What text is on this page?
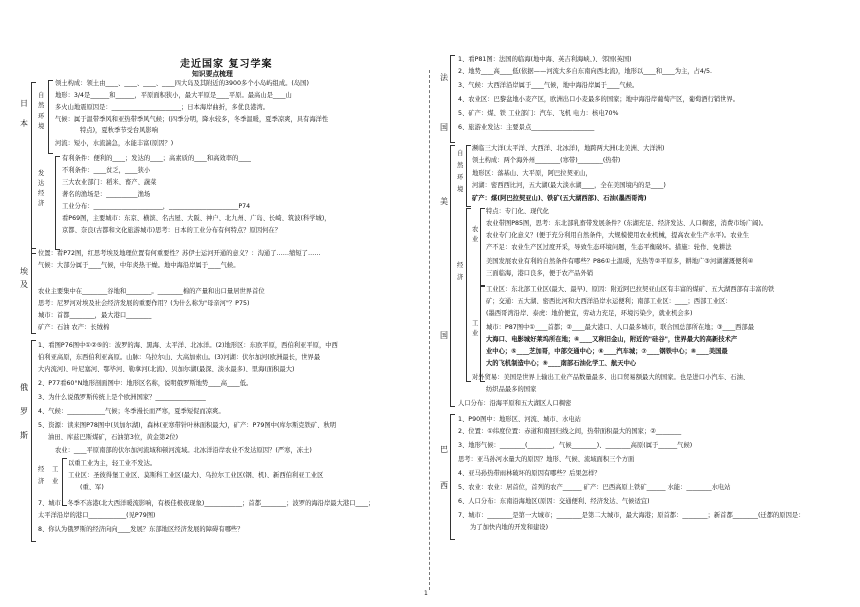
走近国家 复习学案
知识要点梳理
日
本
自
然
环
境
领土构成：领土由____、____、____、____四大岛及其附近的3900多个小岛屿组成。(岛国)
地形：3/4是______和______，平原面积狭小，最大平原是____平原。最高山是____山
多火山地震原因是：______________________；日本海岸曲折，多优良港湾。
气候：属于温带季风和亚热带季风气候；(四季分明，降水较多，冬季温暖，夏季凉爽，具有海洋性
特点)，夏秋季节受台风影响
河流：短小，水流湍急，水能丰富(原因？)
发
达
经
济
有利条件：便利的____；发达的____；高素质的____和高效率的____
不利条件：____贫乏，____狭小
三大农业部门：稻米、畜产、蔬菜
著名的渔场是：__________渔场
工业分布：______________________，______________________P74
看P69图，主要城市：东京、横滨、名古屋、大阪、神户、北九州、广岛、长崎、筑波(科学城)，
京都、奈良(古都和文化旅游城市)思考：日本的工业分布有何特点？原因何在？
埃
及
位置：看P72图，红思考埃及地理位置有何重要性？苏伊士运河开通的意义？：沟通了……缩短了……
气候：大部分属于____气候，中年炎热干燥。地中海沿岸属于____气候。
农业主要集中在________谷地和________。________棉的产量和出口量居世界首位
思考：尼罗河对埃及社会经济发展的重要作用？(为什么称为"母亲河"？P75)
城市：首都________，最大港口________
矿产：石油 农产：长绒棉
俄
罗
斯
1、看图P76图中①②⑤的：波罗的海、黑海、太平洋、北冰洋。(2)地形区：东欧平原，西伯利亚平原，中西
伯利亚高原，东西伯利亚高原。山脉：乌拉尔山、大高加索山。(3)河湖：伏尔加河(欧洲最长，世界最
大内流河)、叶尼塞河、鄂毕河、勒拿河(北流)、贝加尔湖(最深、淡水最多)、里海(面积最大)
2、P77看60°N地形剖面图中：地形区名称，说明俄罗斯地势____高____低。
3、为什么说俄罗斯传统上是个欧洲国家？________________
4、气候：____________气候；冬季漫长而严寒，夏季短促而凉爽。
5、资源：读来图P78图中(贝加尔湖)，森林(亚寒带针叶林面积最大)，矿产：P79图中(库尔斯克铁矿、秋明
油田、库兹巴斯煤矿，石油第3位，黄金第2位)
经
济
工
业
农业：____平原南部的伏尔加河流域和顿河流域。北冰洋沿岸农业不发达原因？(严寒，冻土)
以重工业为主，轻工业不发达。
工业区：圣彼得堡工业区、莫斯科工业区(最大)、乌拉尔工业区(钢、机)、新西伯利亚工业区
(重、军)
7、城市：冬季不冻港(北大西洋暖流影响，有极佳极夜现象)____________；首都________；波罗的海沿岸最大港口____；
太平洋沿岸的港口____________(见P79图)
8、你认为俄罗斯的经济向向____发展？东部地区经济发展的障碍有哪些？
法
国
1、看P81图：法国的临海(地中海、英吉利海峡、)、邻国(英国)
2、地势____高____低(依据——河流大多自东南向西北流)，地形以____和____为主，占4/5.
3、气候：大西洋沿岸属于____气候，地中海沿岸属于____气候。
4、农业区：巴黎盆地小麦产区，欧洲出口小麦最多的国家；地中海沿岸葡萄产区，葡萄酒行销世界。
5、矿产：煤、铁 工业部门：汽车、飞机 电力：核电70%
6、旅游业发达：主要景点____________________
美
国
自
然
环
境
濒临三大洋(太平洋、大西洋、北冰洋)，地跨两大洲(北美洲、大洋洲)
领土构成：两个海外州________(寒带)________(热带)
地形区：落基山、大平原，阿巴拉契亚山，
河湖：密西西比河，五大湖(最大淡水湖____，全在美国境内的是____)
矿产：煤(阿巴拉契亚山)、铁矿(五大湖西部)、石油(墨西哥湾)
经
济
农
业
特点：专门化、现代化
农业带图P85图，思考：东北部乳畜带发展条件？(东湖充足、经济发达、人口稠密，消费市场广阔)。
农业专门化意义？(便于充分利用自然条件，大规模使用农业机械，提高农业生产水平)。农业生
产不足：农业生产区过度开采，导致生态环境问题，生态平衡破坏。措施：轮作、免耕法
美国发展农业有利的自然条件有哪些？P86①土温暖，光热等②平原多，耕地广③河湖灌溉便利④
三面临海，港口良多，便于农产品外销
工
业
工业区：东北部工业区(最大、最早)、原因：附近阿巴拉契亚山区有丰富的煤矿、五大湖西部有丰富的铁
矿；交通：五大湖、密西比河和大西洋沿岸水运便利；南部工业区：____；西部工业区：
(墨西哥湾沿岸、泰虎：地价便宜，劳动力充足，环境污染少，就业机会多)
城市：P87图中①____首都；②____最大港口、人口最多城市，联合国总部所在地；③____西部最
大海口、电影城好莱坞所在地；④____又称旧金山，附近的"硅谷"，世界最大的高新技术产
业中心；⑤____芝加哥，中部交通中心；⑥____汽车城；⑦____钢铁中心；⑧____美国最
大的飞机制造中心；⑨____南部石油化学工、航天中心
对外贸易：美国是世界上输出工业产品数量最多、出口贸易额最大的国家。也是进口小汽车、石油、
纺织品最多的国家
人口分布：沿海平原和五大湖区人口稠密
巴
西
1、P90图中：地形区、河流、城市、水电站
2、位置：①纬度位置：赤道和南回归线之间，热带面积最大的国家；②________
3、地形气候：________(________，气候________)、________高原(属于______气候)
思考：亚马孙河水量大的原因？地形、气候、流域面积三个方面
4、亚马孙热带雨林破坏的原因有哪些？后果怎样？
5、农业：农业：居首位，首列的农产______ 矿产：巴西高原上铁矿______ 水能：________水电站
6、人口分布：东南沿海地区(原因：交通便利、经济发达、气候适宜)
7、城市：________是第一大城市；________是第二大城市，最大海港；原首都：________；新首都________(迁都的原因是：
为了加快内地的开发和建设)
1
